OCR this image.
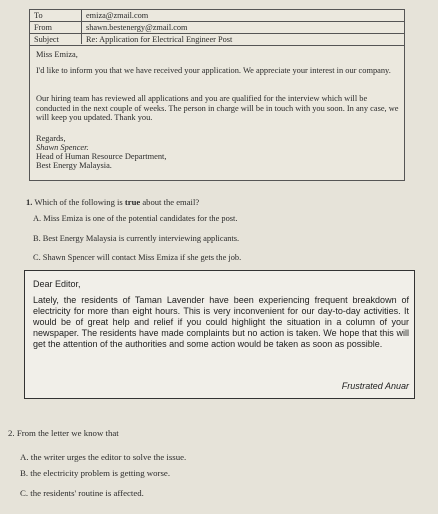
To	emiza@zmail.com
From	shawn.bestenergy@zmail.com
Subject	Re: Application for Electrical Engineer Post

Miss Emiza,

I'd like to inform you that we have received your application. We appreciate your interest in our company.

Our hiring team has reviewed all applications and you are qualified for the interview which will be conducted in the next couple of weeks. The person in charge will be in touch with you soon. In any case, we will keep you updated. Thank you.

Regards,

Shawn Spencer.

Head of Human Resource Department,

Best Energy Malaysia.

1. Which of the following is true about the email?
A. Miss Emiza is one of the potential candidates for the post.
B. Best Energy Malaysia is currently interviewing applicants.
C. Shawn Spencer will contact Miss Emiza if she gets the job.
Dear Editor,
Lately, the residents of Taman Lavender have been experiencing frequent breakdown of electricity for more than eight hours. This is very inconvenient for our day-to-day activities. It would be of great help and relief if you could highlight the situation in a column of your newspaper. The residents have made complaints but no action is taken. We hope that this will get the attention of the authorities and some action would be taken as soon as possible.
Frustrated Anuar
2. From the letter we know that
A. the writer urges the editor to solve the issue.
B. the electricity problem is getting worse.
C. the residents' routine is affected.
